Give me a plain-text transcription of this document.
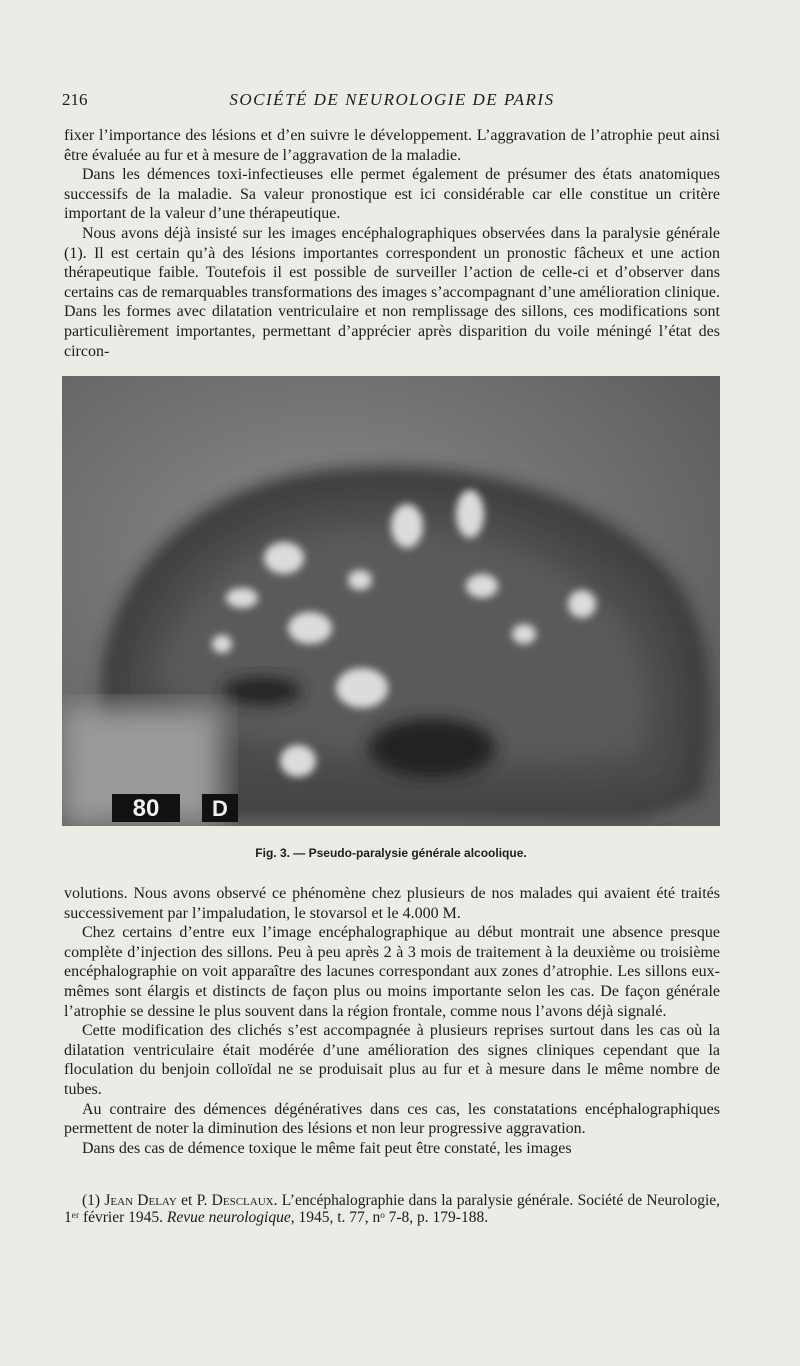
216	SOCIÉTÉ DE NEUROLOGIE DE PARIS

fixer l’importance des lésions et d’en suivre le développement. L’aggravation de l’atrophie peut ainsi être évaluée au fur et à mesure de l’aggravation de la maladie.

Dans les démences toxi-infectieuses elle permet également de présumer des états anatomiques successifs de la maladie. Sa valeur pronostique est ici considérable car elle constitue un critère important de la valeur d’une thérapeutique.

Nous avons déjà insisté sur les images encéphalographiques observées dans la paralysie générale (1). Il est certain qu’à des lésions importantes correspondent un pronostic fâcheux et une action thérapeutique faible. Toutefois il est possible de surveiller l’action de celle-ci et d’observer dans certains cas de remarquables transformations des images s’accompagnant d’une amélioration clinique. Dans les formes avec dilatation ventriculaire et non remplissage des sillons, ces modifications sont particulièrement importantes, permettant d’apprécier après disparition du voile méningé l’état des circon-

80 D
Fig. 3. — Pseudo-paralysie générale alcoolique.

volutions. Nous avons observé ce phénomène chez plusieurs de nos malades qui avaient été traités successivement par l’impaludation, le stovarsol et le 4.000 M.

Chez certains d’entre eux l’image encéphalographique au début montrait une absence presque complète d’injection des sillons. Peu à peu après 2 à 3 mois de traitement à la deuxième ou troisième encéphalographie on voit apparaître des lacunes correspondant aux zones d’atrophie. Les sillons eux-mêmes sont élargis et distincts de façon plus ou moins importante selon les cas. De façon générale l’atrophie se dessine le plus souvent dans la région frontale, comme nous l’avons déjà signalé.

Cette modification des clichés s’est accompagnée à plusieurs reprises surtout dans les cas où la dilatation ventriculaire était modérée d’une amélioration des signes cliniques cependant que la floculation du benjoin colloïdal ne se produisait plus au fur et à mesure dans le même nombre de tubes.

Au contraire des démences dégénératives dans ces cas, les constatations encéphalographiques permettent de noter la diminution des lésions et non leur progressive aggravation.

Dans des cas de démence toxique le même fait peut être constaté, les images

(1) Jean Delay et P. Desclaux. L’encéphalographie dans la paralysie générale. Société de Neurologie, 1ᵉʳ février 1945. Revue neurologique, 1945, t. 77, nᵒ 7-8, p. 179-188.
